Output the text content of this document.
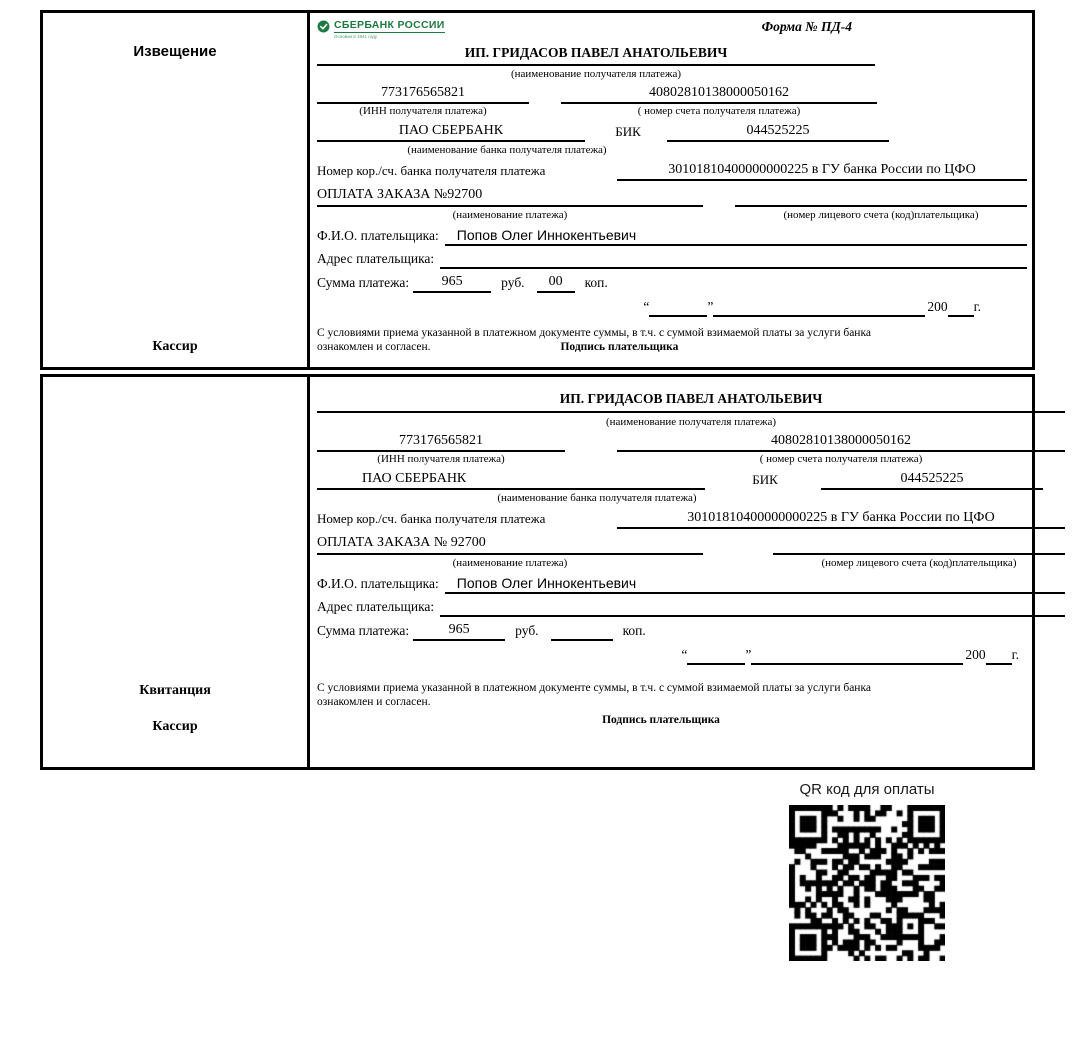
Извещение
Кассир
СБЕРБАНК РОССИИ
Основан в 1841 году
Форма № ПД-4
ИП. ГРИДАСОВ ПАВЕЛ АНАТОЛЬЕВИЧ
(наименование получателя платежа)
773176565821	40802810138000050162
(ИНН получателя платежа)	( номер счета получателя платежа)
ПАО СБЕРБАНК	БИК	044525225
(наименование банка получателя платежа)
Номер кор./сч. банка получателя платежа	30101810400000000225 в ГУ банка России по ЦФО
ОПЛАТА ЗАКАЗА №92700
(наименование платежа)	(номер лицевого счета (код)плательщика)
Ф.И.О. плательщика:	Попов Олег Иннокентьевич
Адрес плательщика:
Сумма платежа:	965	руб.	00	коп.
“	”	200 г.
С условиями приема указанной в платежном документе суммы, в т.ч. с суммой взимаемой платы за услуги банка
ознакомлен и согласен.	Подпись плательщика
Квитанция
Кассир
ИП. ГРИДАСОВ ПАВЕЛ АНАТОЛЬЕВИЧ
(наименование получателя платежа)
773176565821	40802810138000050162
(ИНН получателя платежа)	( номер счета получателя платежа)
ПАО СБЕРБАНК	БИК	044525225
(наименование банка получателя платежа)
Номер кор./сч. банка получателя платежа	30101810400000000225 в ГУ банка России по ЦФО
ОПЛАТА ЗАКАЗА № 92700
(наименование платежа)	(номер лицевого счета (код)плательщика)
Ф.И.О. плательщика:	Попов Олег Иннокентьевич
Адрес плательщика:
Сумма платежа:	965	руб.	коп.
“	”	200 г.
С условиями приема указанной в платежном документе суммы, в т.ч. с суммой взимаемой платы за услуги банка
ознакомлен и согласен.
Подпись плательщика
QR код для оплаты
